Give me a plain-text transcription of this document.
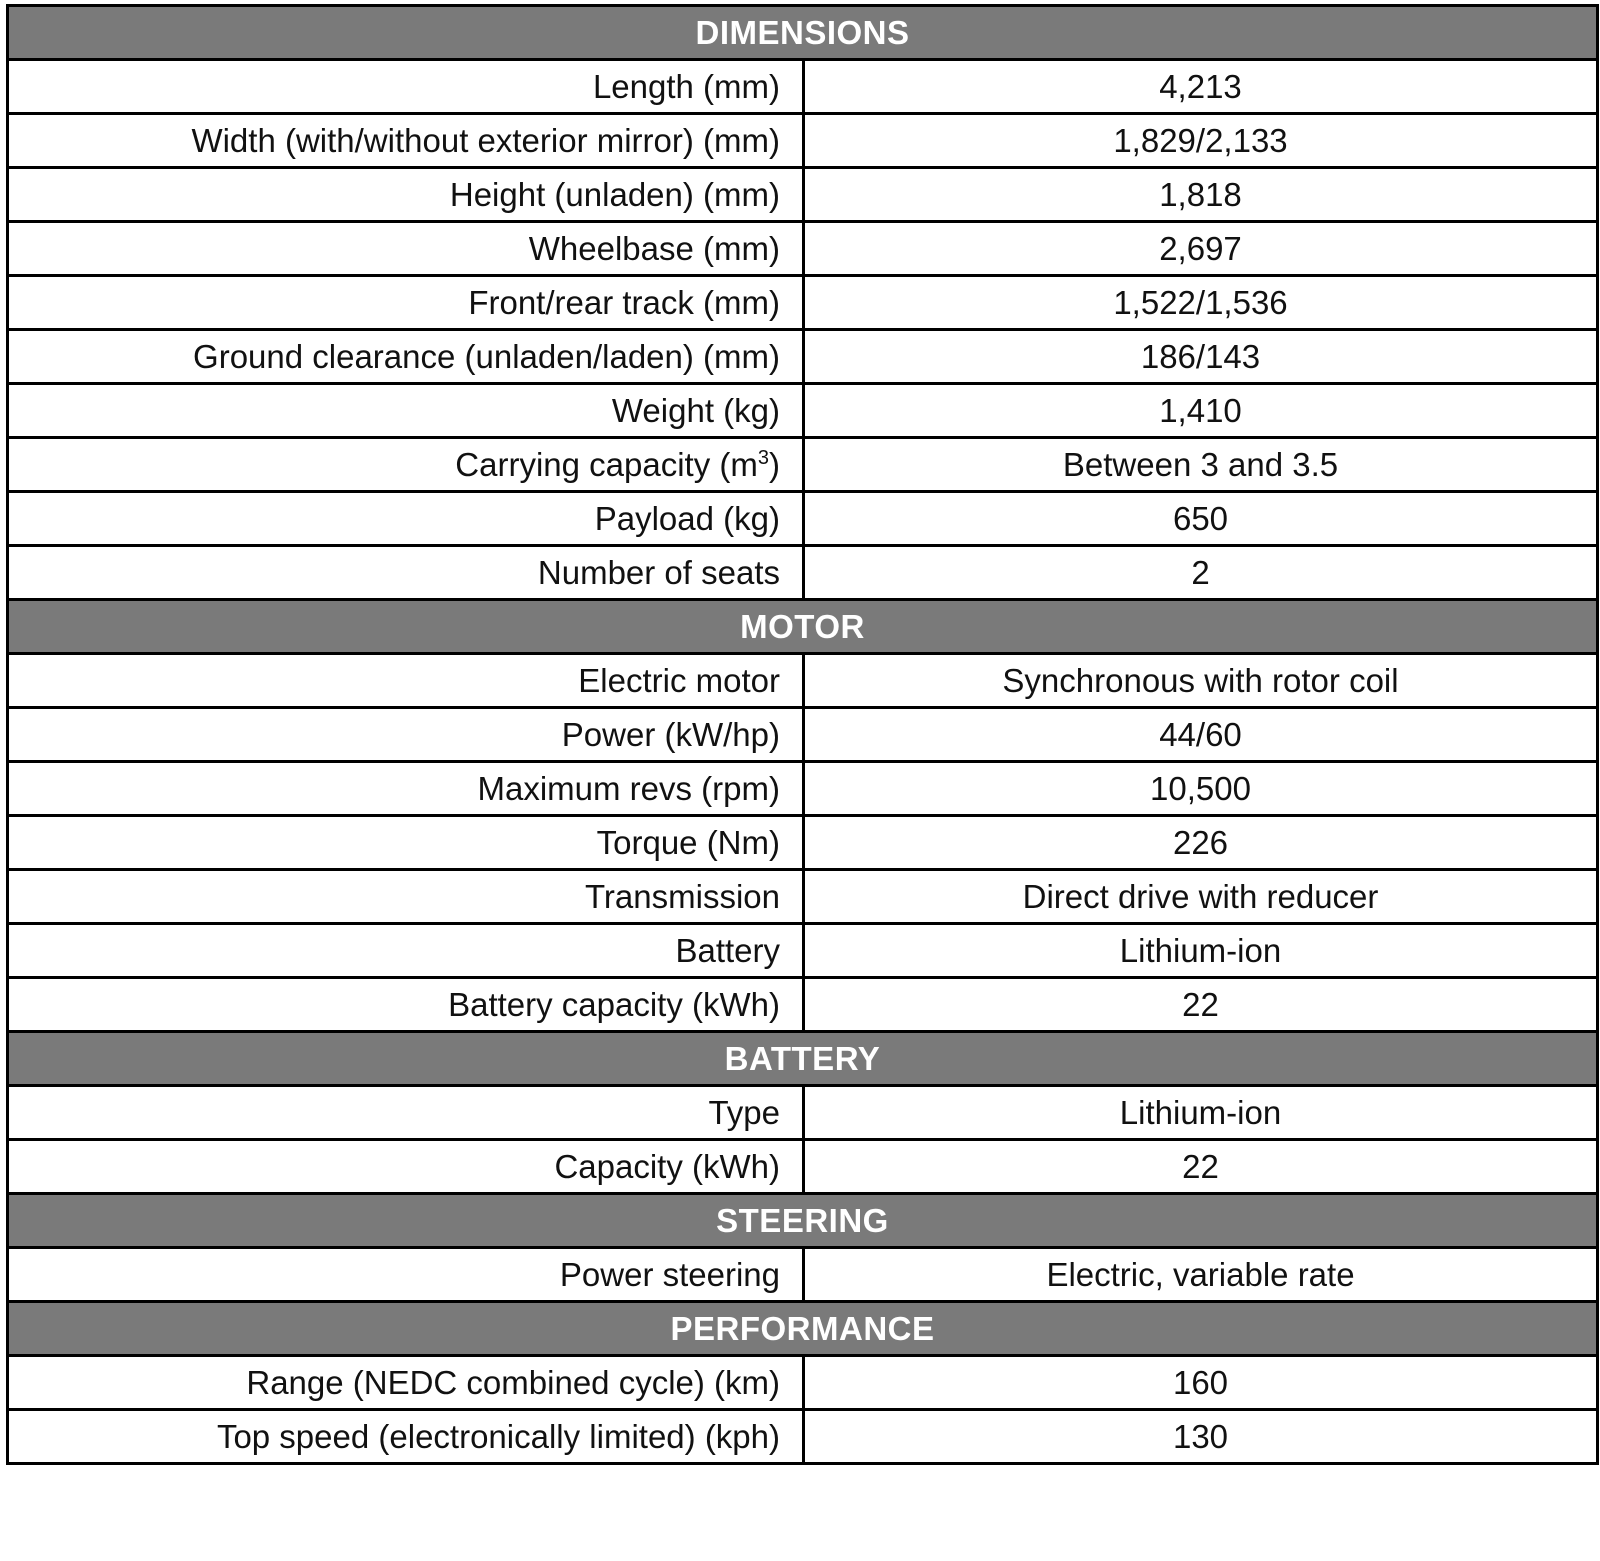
DIMENSIONS	
Length (mm)	4,213
Width (with/without exterior mirror) (mm)	1,829/2,133
Height (unladen) (mm)	1,818
Wheelbase (mm)	2,697
Front/rear track (mm)	1,522/1,536
Ground clearance (unladen/laden) (mm)	186/143
Weight (kg)	1,410
Carrying capacity $(m^3)$	Between 3 and 3.5
Payload (kg)	650
Number of seats	2
MOTOR	
Electric motor	Synchronous with rotor coil
Power (kW/hp)	44/60
Maximum revs (rpm)	10,500
Torque (Nm)	226
Transmission	Direct drive with reducer
Battery	Lithium-ion
Battery capacity (kWh)	22
BATTERY	
Type	Lithium-ion
Capacity (kWh)	22
STEERING	
Power steering	Electric, variable rate
PERFORMANCE	
Range (NEDC combined cycle) (km)	160
Top speed (electronically limited) (kph)	130
